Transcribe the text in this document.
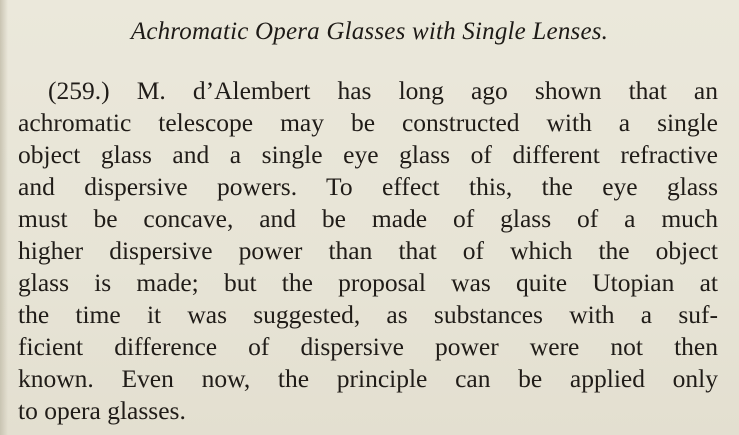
Achromatic Opera Glasses with Single Lenses.
(259.) M. d’Alembert has long ago shown that an
achromatic telescope may be constructed with a single
object glass and a single eye glass of different refractive
and dispersive powers. To effect this, the eye glass
must be concave, and be made of glass of a much
higher dispersive power than that of which the object
glass is made; but the proposal was quite Utopian at
the time it was suggested, as substances with a suf-
ficient difference of dispersive power were not then
known. Even now, the principle can be applied only
to opera glasses.
